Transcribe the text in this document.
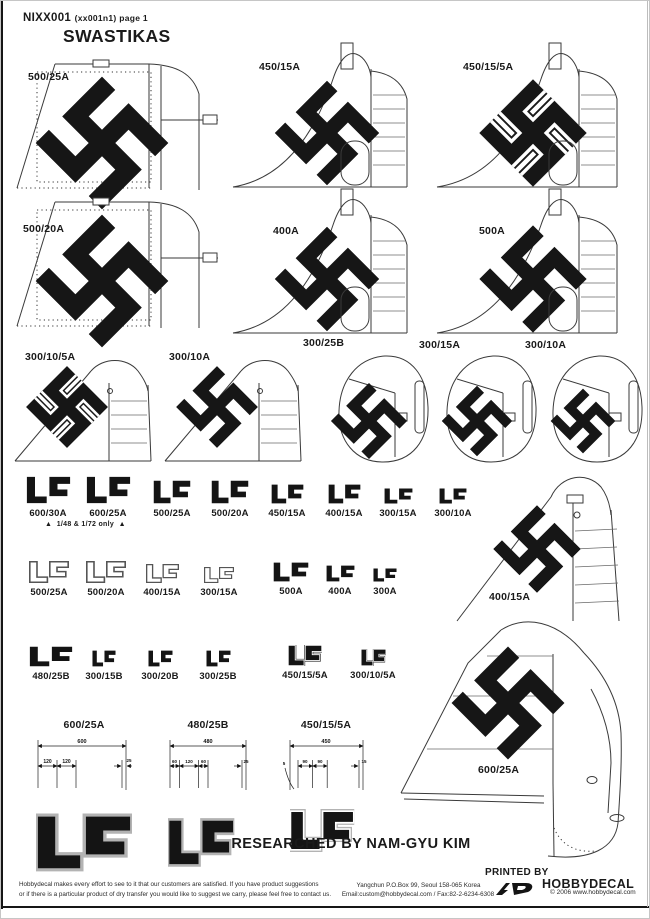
NIXX001 (xx001n1) page 1
SWASTIKAS
500/25A
450/15A	450/15/5A
500/20A	400A	500A
300/10/5A	300/10A
300/25B	300/15A	300/10A
600/30A	600/25A	500/25A	500/20A	450/15A	400/15A	300/15A	300/10A
▲ 1/48 & 1/72 only ▲
500/25A	500/20A	400/15A	300/15A	500A	400A	300A
480/25B	300/15B	300/20B	300/25B	450/15/5A	300/10/5A
400/15A
600/25A
600/25A
600
120 120	25
480/25B
480
60 120 60	25
450/15/5A
450
5	90 90	15
RESEARCHED BY NAM-GYU KIM
Hobbydecal makes every effort to see to it that our customers are satisfied. If you have product suggestions
or if there is a particular product of dry transfer you would like to suggest we carry, please feel free to contact us.
Yangchun P.O.Box 99, Seoul 158-065 Korea
Email:custom@hobbydecal.com / Fax:82-2-6234-6308
PRINTED BY
HOBBYDECAL
© 2006 www.hobbydecal.com
